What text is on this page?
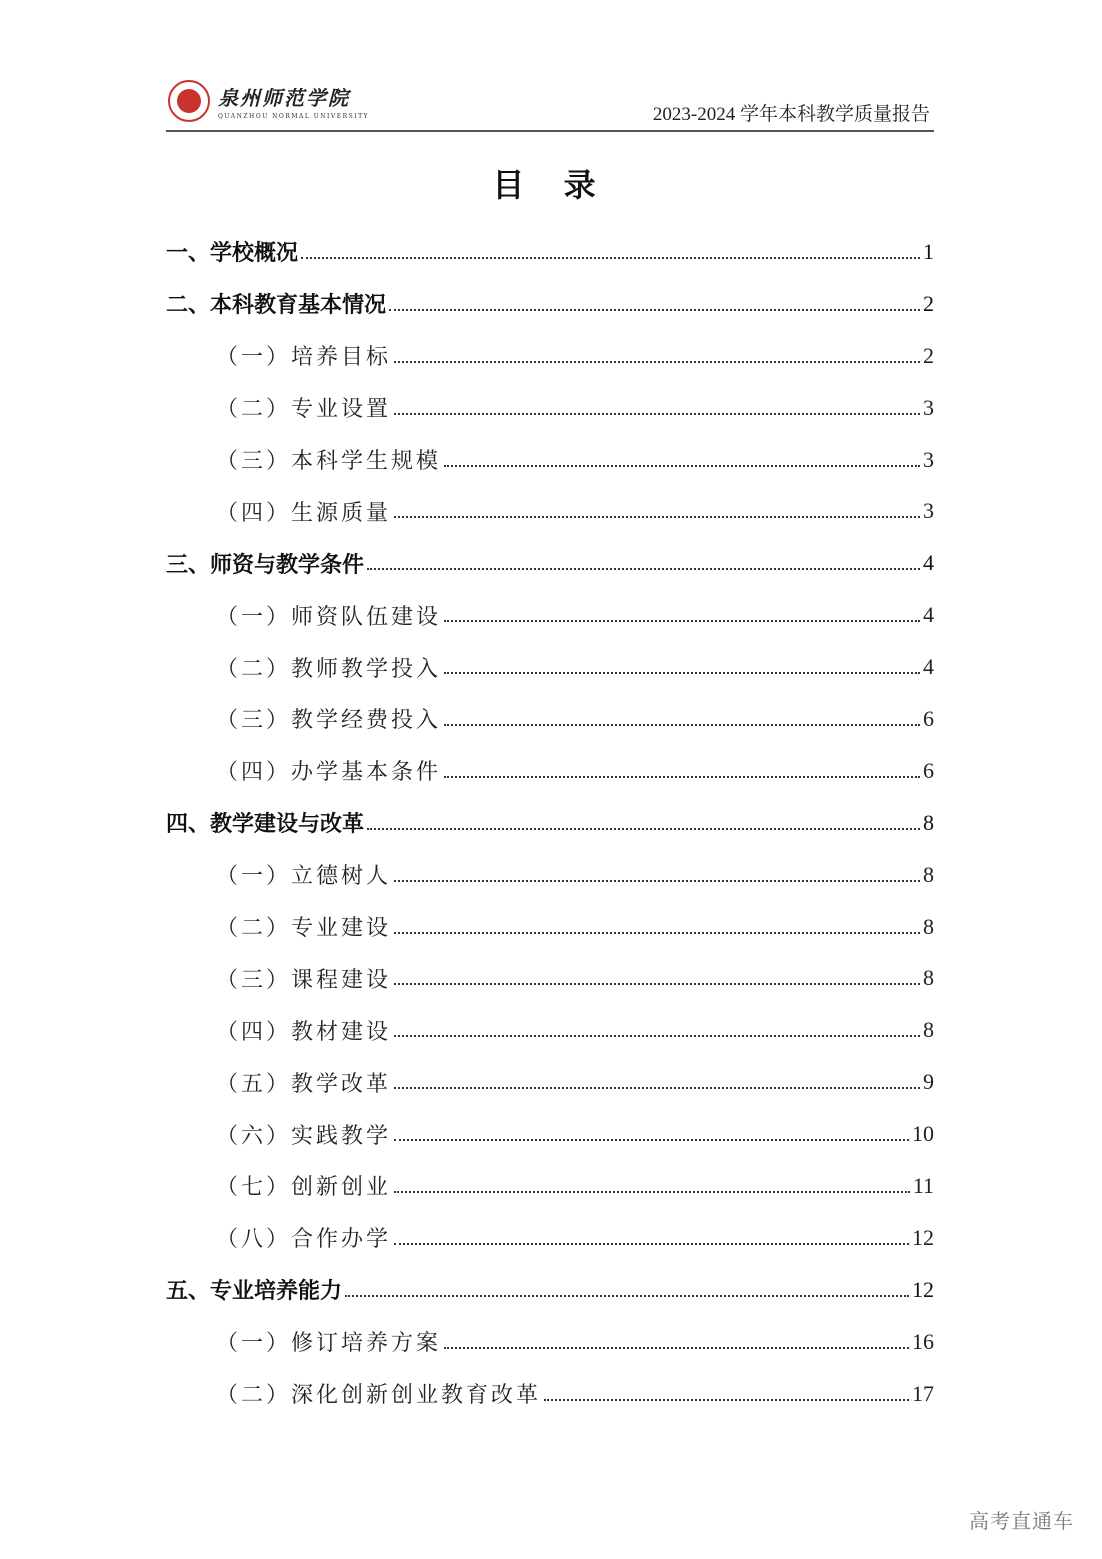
泉州师范学院
QUANZHOU NORMAL UNIVERSITY	2023-2024 学年本科教学质量报告
目 录
一、学校概况	1
二、本科教育基本情况	2
（一）培养目标	2
（二）专业设置	3
（三）本科学生规模	3
（四）生源质量	3
三、师资与教学条件	4
（一）师资队伍建设	4
（二）教师教学投入	4
（三）教学经费投入	6
（四）办学基本条件	6
四、教学建设与改革	8
（一）立德树人	8
（二）专业建设	8
（三）课程建设	8
（四）教材建设	8
（五）教学改革	9
（六）实践教学	10
（七）创新创业	11
（八）合作办学	12
五、专业培养能力	12
（一）修订培养方案	16
（二）深化创新创业教育改革	17
高考直通车
